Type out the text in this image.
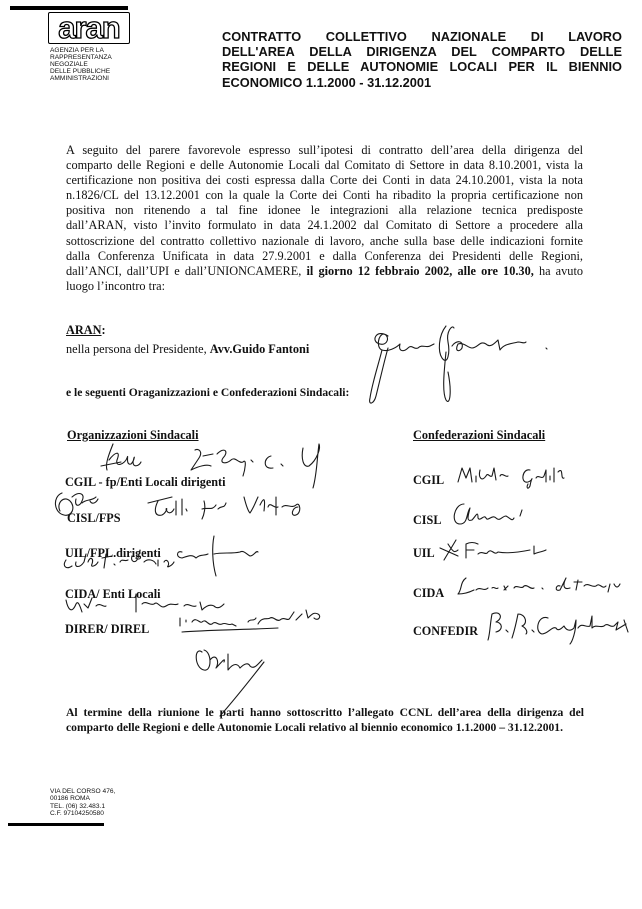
aran
AGENZIA PER LA
RAPPRESENTANZA
NEGOZIALE
DELLE PUBBLICHE
AMMINISTRAZIONI
CONTRATTO COLLETTIVO NAZIONALE DI LAVORO
DELL'AREA DELLA DIRIGENZA DEL COMPARTO DELLE
REGIONI E DELLE AUTONOMIE LOCALI PER IL BIENNIO
ECONOMICO 1.1.2000 - 31.12.2001
A seguito del parere favorevole espresso sull’ipotesi di contratto dell’area della dirigenza del
comparto delle Regioni e delle Autonomie Locali dal Comitato di Settore in data 8.10.2001, vista la
certificazione non positiva dei costi espressa dalla Corte dei Conti in data 24.10.2001, vista la nota
n.1826/CL del 13.12.2001 con la quale la Corte dei Conti ha ribadito la propria certificazione non
positiva non ritenendo a tal fine idonee le integrazioni alla relazione tecnica predisposte
dall’ARAN, visto l’invito formulato in data 24.1.2002 dal Comitato di Settore a procedere alla
sottoscrizione del contratto collettivo nazionale di lavoro, anche sulla base delle indicazioni fornite
dalla Conferenza Unificata in data 27.9.2001 e dalla Conferenza dei Presidenti delle Regioni,
dall’ANCI, dall’UPI e dall’UNIONCAMERE, il giorno 12 febbraio 2002, alle ore 10.30, ha avuto
luogo l’incontro tra:
ARAN:
nella persona del Presidente, Avv.Guido Fantoni
e le seguenti Oraganizzazioni e Confederazioni Sindacali:
Organizzazioni Sindacali
CGIL - fp/Enti Locali dirigenti
CISL/FPS
UIL/FPL.dirigenti
CIDA/ Enti Locali
DIRER/ DIREL
Confederazioni Sindacali
CGIL
CISL
UIL
CIDA
CONFEDIR
Al termine della riunione le parti hanno sottoscritto l’allegato CCNL dell’area della dirigenza del
comparto delle Regioni e delle Autonomie Locali relativo al biennio economico 1.1.2000 – 31.12.2001.
VIA DEL CORSO 476,
00186 ROMA
TEL. (06) 32.483.1
C.F. 97104250580
